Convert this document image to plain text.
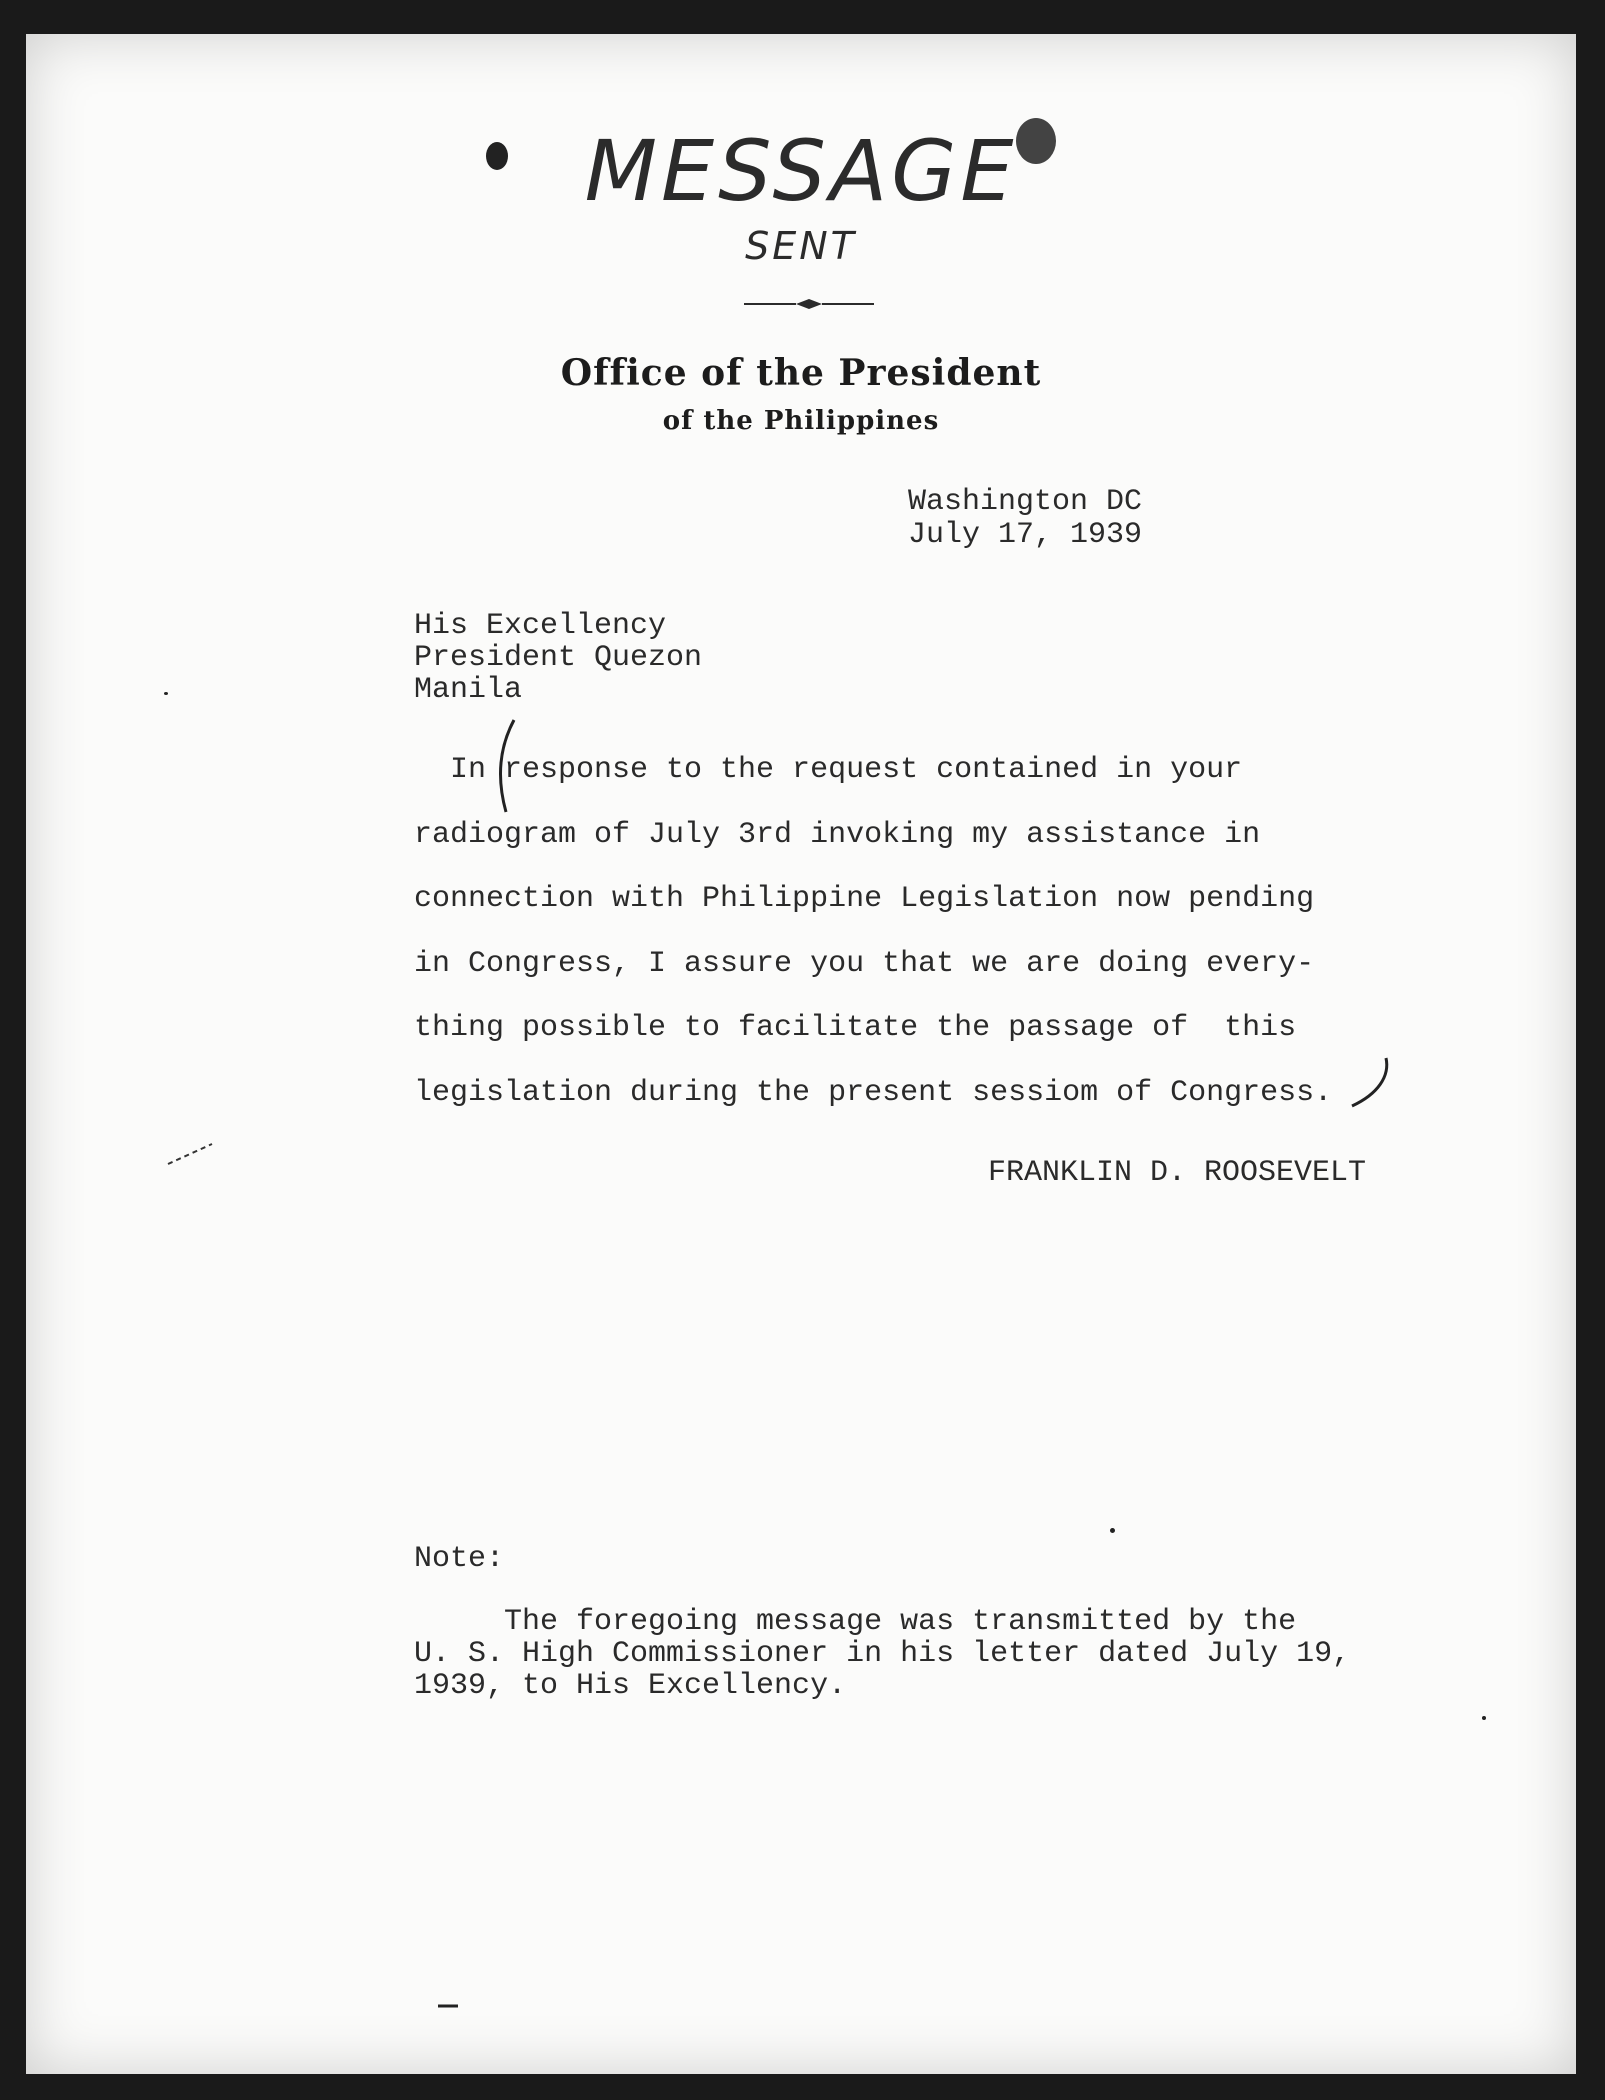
MESSAGE
SENT
Office of the President
of the Philippines
Washington DC
July 17, 1939
His Excellency
President Quezon
Manila
In response to the request contained in your
radiogram of July 3rd invoking my assistance in
connection with Philippine Legislation now pending
in Congress, I assure you that we are doing every-
thing possible to facilitate the passage of  this
legislation during the present sessiom of Congress.
FRANKLIN D. ROOSEVELT
Note:
The foregoing message was transmitted by the
U. S. High Commissioner in his letter dated July 19,
1939, to His Excellency.
